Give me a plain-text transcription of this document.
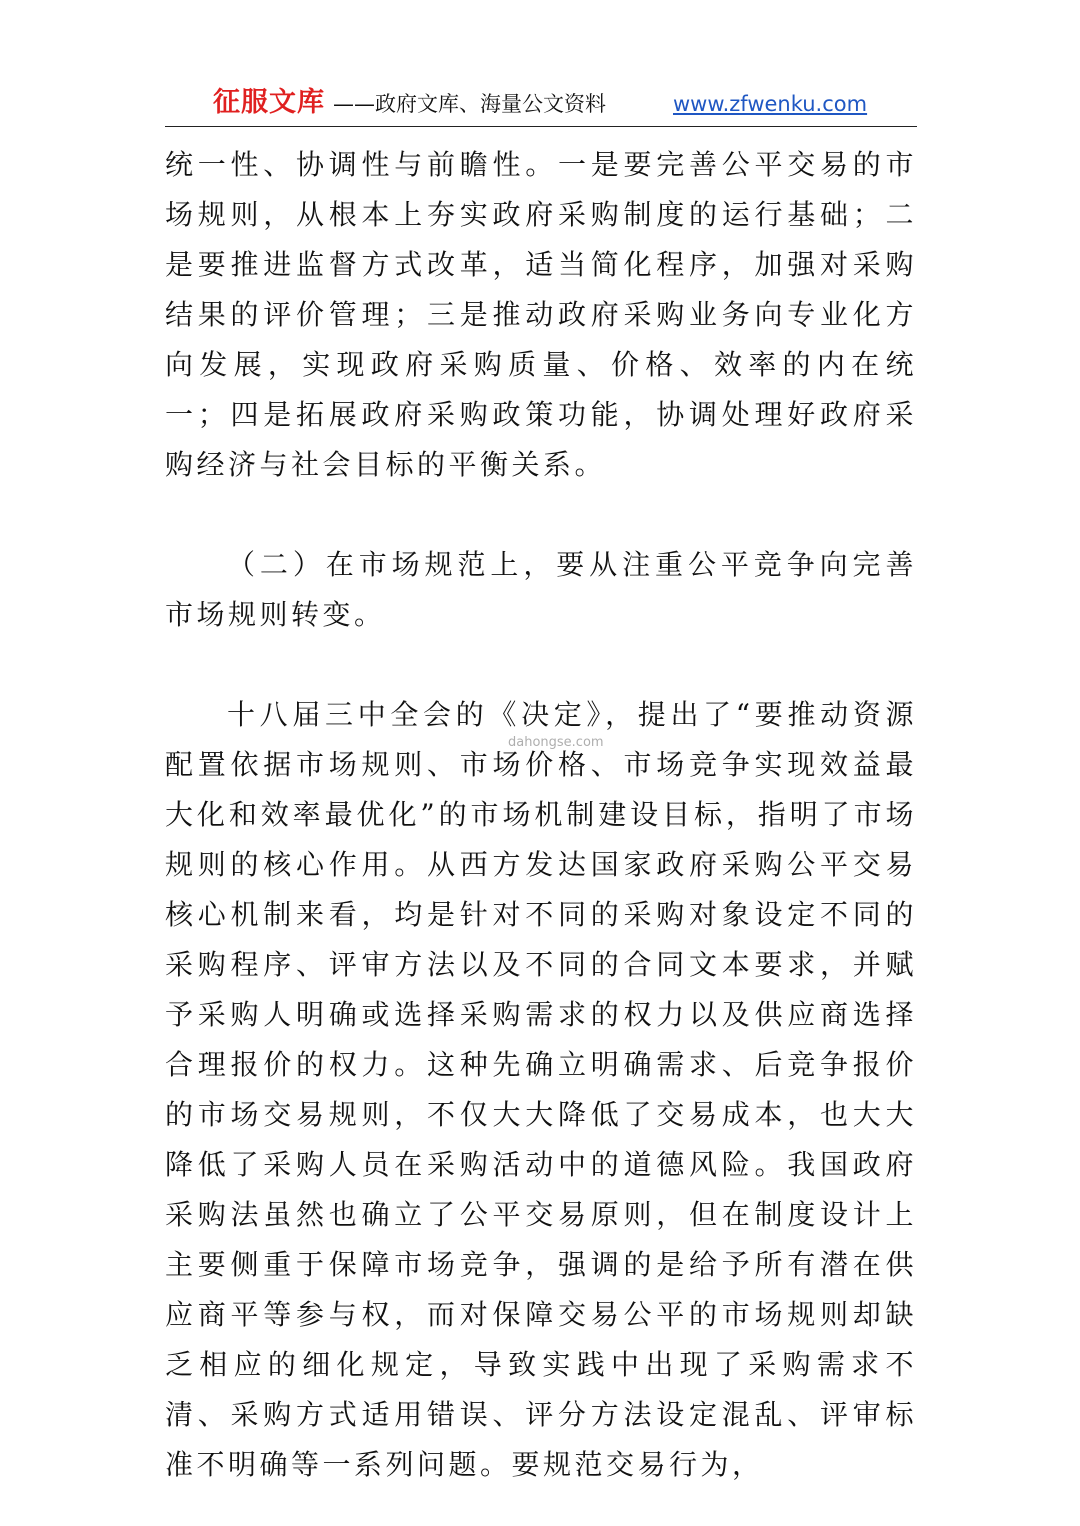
征服文库 ——政府文库、海量公文资料	www.zfwenku.com

统一性、协调性与前瞻性。一是要完善公平交易的市场规则，从根本上夯实政府采购制度的运行基础；二是要推进监督方式改革，适当简化程序，加强对采购结果的评价管理；三是推动政府采购业务向专业化方向发展，实现政府采购质量、价格、效率的内在统一；四是拓展政府采购政策功能，协调处理好政府采购经济与社会目标的平衡关系。

（二）在市场规范上，要从注重公平竞争向完善市场规则转变。

十八届三中全会的《决定》，提出了“要推动资源配置依据市场规则、市场价格、市场竞争实现效益最大化和效率最优化”的市场机制建设目标，指明了市场规则的核心作用。从西方发达国家政府采购公平交易核心机制来看，均是针对不同的采购对象设定不同的采购程序、评审方法以及不同的合同文本要求，并赋予采购人明确或选择采购需求的权力以及供应商选择合理报价的权力。这种先确立明确需求、后竞争报价的市场交易规则，不仅大大降低了交易成本，也大大降低了采购人员在采购活动中的道德风险。我国政府采购法虽然也确立了公平交易原则，但在制度设计上主要侧重于保障市场竞争，强调的是给予所有潜在供应商平等参与权，而对保障交易公平的市场规则却缺乏相应的细化规定，导致实践中出现了采购需求不清、采购方式适用错误、评分方法设定混乱、评审标准不明确等一系列问题。要规范交易行为，

dahongse.com
